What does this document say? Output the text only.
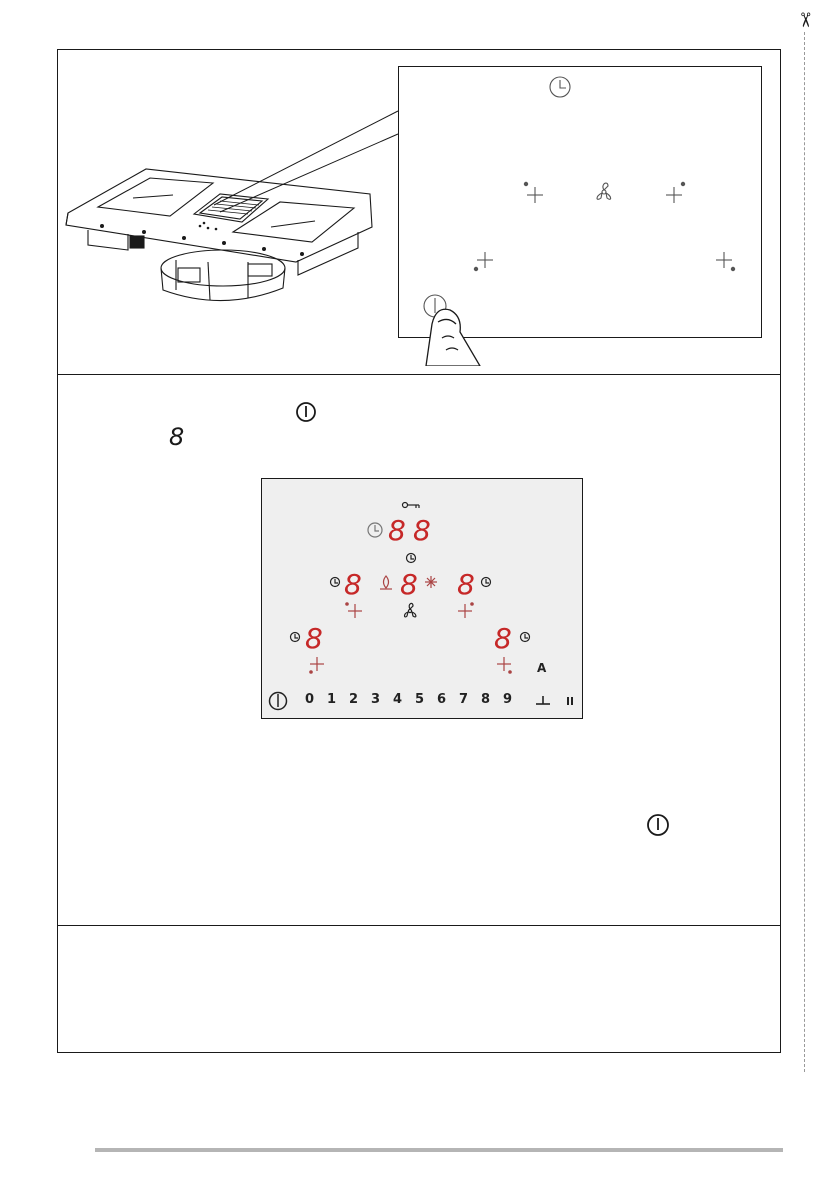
✂
8
8 8
8
8	8
8	8
A
0 1 2 3 4 5 6 7 8 9
